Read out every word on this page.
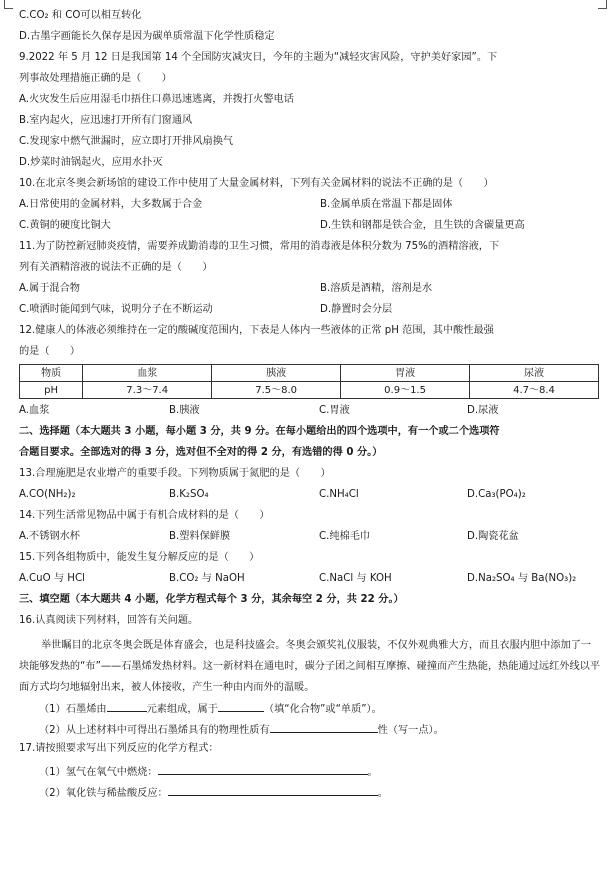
C.CO₂ 和 CO可以相互转化
D.古墨字画能长久保存是因为碳单质常温下化学性质稳定
9.2022 年 5 月 12 日是我国第 14 个全国防灾减灾日，今年的主题为“减轻灾害风险，守护美好家园”。下
列事故处理措施正确的是（　　）
A.火灾发生后应用湿毛巾捂住口鼻迅速逃离，并拨打火警电话
B.室内起火，应迅速打开所有门窗通风
C.发现家中燃气泄漏时，应立即打开排风扇换气
D.炒菜时油锅起火，应用水扑灭
10.在北京冬奥会新场馆的建设工作中使用了大量金属材料，下列有关金属材料的说法不正确的是（　　）
A.日常使用的金属材料，大多数属于合金	B.金属单质在常温下都是固体
C.黄铜的硬度比铜大	D.生铁和钢都是铁合金，且生铁的含碳量更高
11.为了防控新冠肺炎疫情，需要养成勤消毒的卫生习惯，常用的消毒液是体积分数为 75%的酒精溶液，下
列有关酒精溶液的说法不正确的是（　　）
A.属于混合物	B.溶质是酒精，溶剂是水
C.喷洒时能闻到气味，说明分子在不断运动	D.静置时会分层
12.健康人的体液必须维持在一定的酸碱度范围内，下表是人体内一些液体的正常 pH 范围，其中酸性最强
的是（　　）
物质	血浆	胰液	胃液	尿液
pH	7.3～7.4	7.5～8.0	0.9～1.5	4.7～8.4
A.血浆	B.胰液	C.胃液	D.尿液
二、选择题（本大题共 3 小题，每小题 3 分，共 9 分。在每小题给出的四个选项中，有一个或二个选项符
合题目要求。全部选对的得 3 分，选对但不全对的得 2 分，有选错的得 0 分。）
13.合理施肥是农业增产的重要手段。下列物质属于氮肥的是（　　）
A.CO(NH₂)₂	B.K₂SO₄	C.NH₄Cl	D.Ca₃(PO₄)₂
14.下列生活常见物品中属于有机合成材料的是（　　）
A.不锈钢水杯	B.塑料保鲜膜	C.纯棉毛巾	D.陶瓷花盆
15.下列各组物质中，能发生复分解反应的是（　　）
A.CuO 与 HCl	B.CO₂ 与 NaOH	C.NaCl 与 KOH	D.Na₂SO₄ 与 Ba(NO₃)₂
三、填空题（本大题共 4 小题，化学方程式每个 3 分，其余每空 2 分，共 22 分。）
16.认真阅读下列材料，回答有关问题。
举世瞩目的北京冬奥会既是体育盛会，也是科技盛会。冬奥会颁奖礼仪服装，不仅外观典雅大方，而且衣服内胆中添加了一块能够发热的“布”——石墨烯发热材料。这一新材料在通电时，碳分子团之间相互摩擦、碰撞而产生热能，热能通过远红外线以平面方式均匀地辐射出来，被人体接收，产生一种由内而外的温暖。
（1）石墨烯由	元素组成，属于	（填“化合物”或“单质”）。
（2）从上述材料中可得出石墨烯具有的物理性质有	性（写一点）。
17.请按照要求写出下列反应的化学方程式：
（1）氢气在氧气中燃烧：	。
（2）氧化铁与稀盐酸反应：	。
